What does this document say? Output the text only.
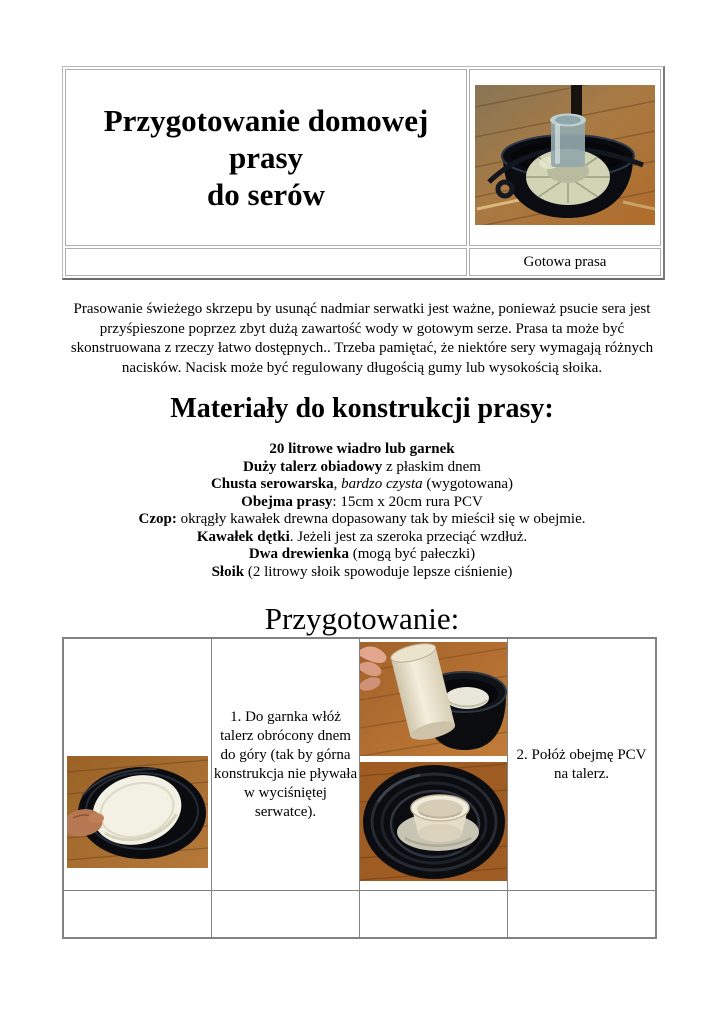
Przygotowanie domowej prasy
do serów

	Gotowa prasa
Prasowanie świeżego skrzepu by usunąć nadmiar serwatki jest ważne, ponieważ psucie sera jest
przyśpieszone poprzez zbyt dużą zawartość wody w gotowym serze. Prasa ta może być
skonstruowana z rzeczy łatwo dostępnych.. Trzeba pamiętać, że niektóre sery wymagają różnych
nacisków. Nacisk może być regulowany długością gumy lub wysokością słoika.
Materiały do konstrukcji prasy:
20 litrowe wiadro lub garnek
Duży talerz obiadowy z płaskim dnem
Chusta serowarska, bardzo czysta (wygotowana)
Obejma prasy: 15cm x 20cm rura PCV
Czop: okrągły kawałek drewna dopasowany tak by mieścił się w obejmie.
Kawałek dętki. Jeżeli jest za szeroka przeciąć wzdłuż.
Dwa drewienka (mogą być pałeczki)
Słoik (2 litrowy słoik spowoduje lepsze ciśnienie)
Przygotowanie:
	1. Do garnka włóż talerz obrócony dnem do góry (tak by górna konstrukcja nie pływała w wyciśniętej serwatce).		2. Połóż obejmę PCV na talerz.
